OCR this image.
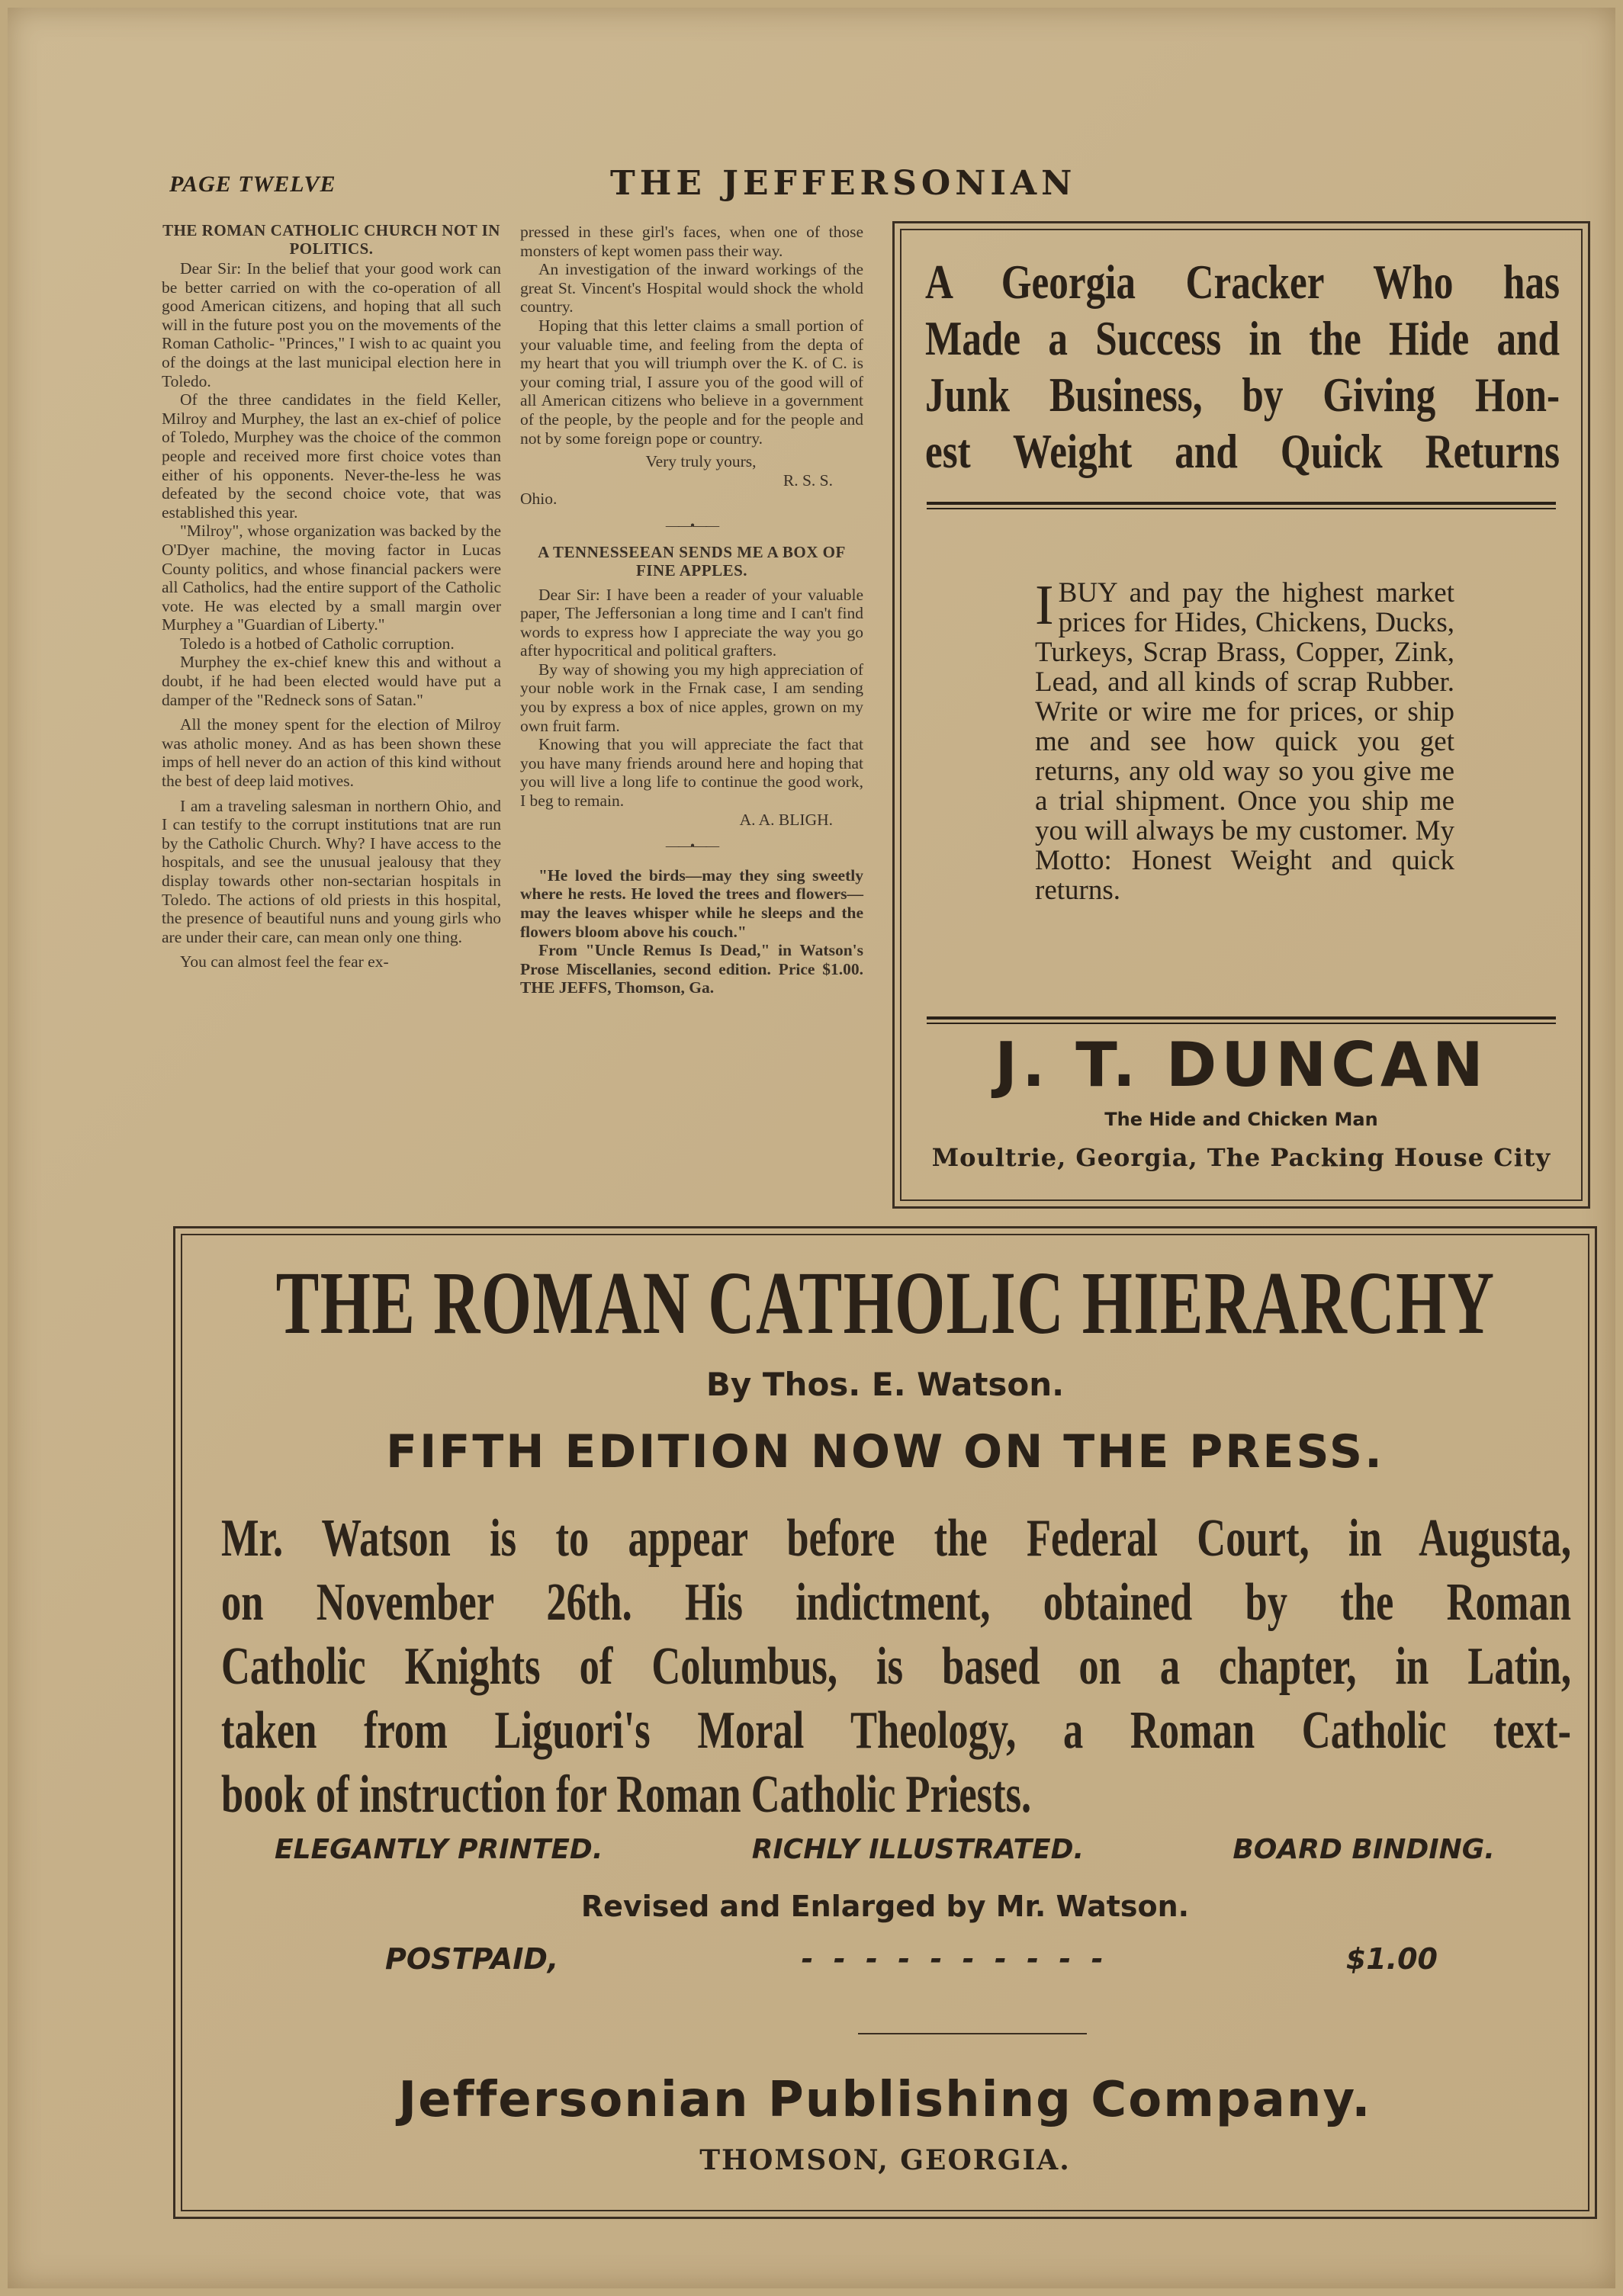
PAGE TWELVE	THE JEFFERSONIAN
THE ROMAN CATHOLIC CHURCH NOT IN POLITICS.

Dear Sir: In the belief that your good work can be better carried on with the co-operation of all good American citizens, and hoping that all such will in the future post you on the movements of the Roman Catholic- "Princes," I wish to ac quaint you of the doings at the last municipal election here in Toledo.

Of the three candidates in the field Keller, Milroy and Murphey, the last an ex-chief of police of Toledo, Murphey was the choice of the common people and received more first choice votes than either of his opponents. Never-the-less he was defeated by the second choice vote, that was established this year.

"Milroy", whose organization was backed by the O'Dyer machine, the moving factor in Lucas County politics, and whose financial packers were all Catholics, had the entire support of the Catholic vote. He was elected by a small margin over Murphey a "Guardian of Liberty."

Toledo is a hotbed of Catholic corruption.

Murphey the ex-chief knew this and without a doubt, if he had been elected would have put a damper of the "Redneck sons of Satan."

All the money spent for the election of Milroy was atholic money. And as has been shown these imps of hell never do an action of this kind without the best of deep laid motives.

I am a traveling salesman in northern Ohio, and I can testify to the corrupt institutions tnat are run by the Catholic Church. Why? I have access to the hospitals, and see the unusual jealousy that they display towards other non-sectarian hospitals in Toledo. The actions of old priests in this hospital, the presence of beautiful nuns and young girls who are under their care, can mean only one thing.

You can almost feel the fear ex-

pressed in these girl's faces, when one of those monsters of kept women pass their way.

An investigation of the inward workings of the great St. Vincent's Hospital would shock the whold country.

Hoping that this letter claims a small portion of your valuable time, and feeling from the depta of my heart that you will triumph over the K. of C. is your coming trial, I assure you of the good will of all American citizens who believe in a government of the people, by the people and for the people and not by some foreign pope or country.

Very truly yours,

R. S. S.

Ohio.

——•——
A TENNESSEEAN SENDS ME A BOX OF FINE APPLES.

Dear Sir: I have been a reader of your valuable paper, The Jeffersonian a long time and I can't find words to express how I appreciate the way you go after hypocritical and political grafters.

By way of showing you my high appreciation of your noble work in the Frnak case, I am sending you by express a box of nice apples, grown on my own fruit farm.

Knowing that you will appreciate the fact that you have many friends around here and hoping that you will live a long life to continue the good work, I beg to remain.

A. A. BLIGH.

——•——

"He loved the birds—may they sing sweetly where he rests. He loved the trees and flowers—may the leaves whisper while he sleeps and the flowers bloom above his couch."

From "Uncle Remus Is Dead," in Watson's Prose Miscellanies, second edition. Price $1.00. THE JEFFS, Thomson, Ga.

A Georgia Cracker Who has
Made a Success in the Hide and
Junk Business, by Giving Hon-
est Weight and Quick Returns
IBUY and pay the highest market prices for Hides, Chickens, Ducks, Turkeys, Scrap Brass, Copper, Zink, Lead, and all kinds of scrap Rubber. Write or wire me for prices, or ship me and see how quick you get returns, any old way so you give me a trial shipment. Once you ship me you will always be my customer. My Motto: Honest Weight and quick returns.
J. T. DUNCAN
The Hide and Chicken Man
Moultrie, Georgia, The Packing House City
THE ROMAN CATHOLIC HIERARCHY
By Thos. E. Watson.
FIFTH EDITION NOW ON THE PRESS.
Mr. Watson is to appear before the Federal Court, in Augusta,
on November 26th. His indictment, obtained by the Roman
Catholic Knights of Columbus, is based on a chapter, in Latin,
taken from Liguori's Moral Theology, a Roman Catholic text-
book of instruction for Roman Catholic Priests.
ELEGANTLY PRINTED.	RICHLY ILLUSTRATED.	BOARD BINDING.
Revised and Enlarged by Mr. Watson.
POSTPAID,	-  -  -  -  -  -  -  -  -  -	$1.00
Jeffersonian Publishing Company.
THOMSON, GEORGIA.
